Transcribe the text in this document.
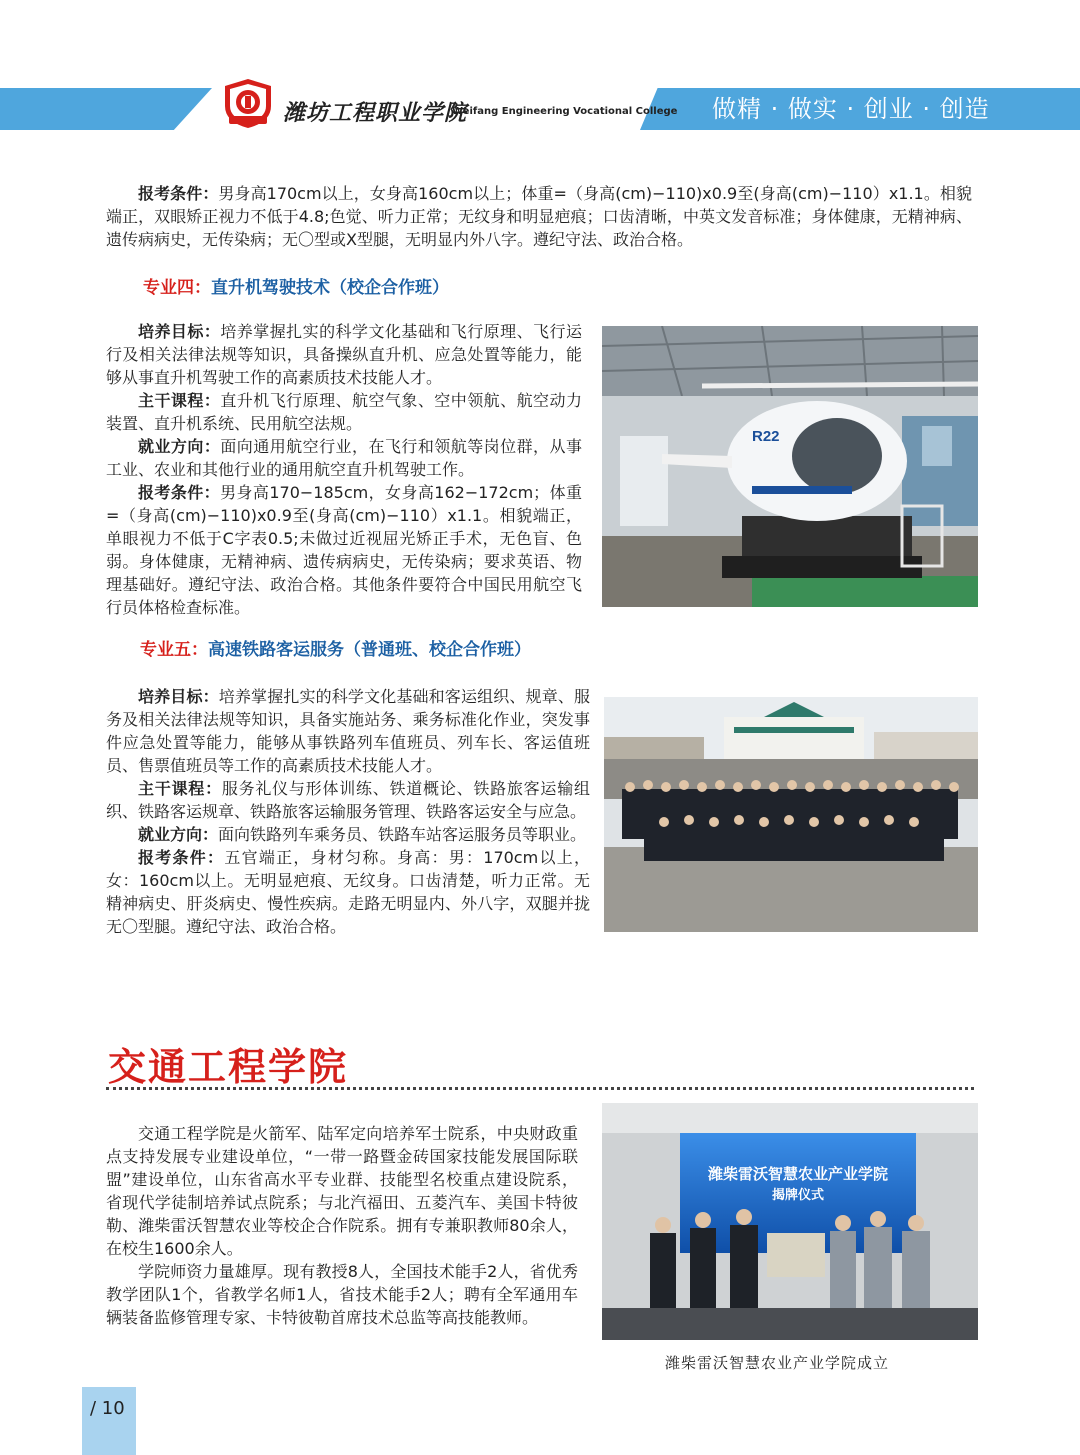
做精 · 做实 · 创业 · 创造
潍坊工程职业学院
Weifang Engineering Vocational College
报考条件：男身高170cm以上，女身高160cm以上；体重=（身高(cm)−110)x0.9至(身高(cm)−110）x1.1。相貌端正，双眼矫正视力不低于4.8;色觉、听力正常；无纹身和明显疤痕；口齿清晰，中英文发音标准；身体健康，无精神病、遗传病病史，无传染病；无〇型或X型腿，无明显内外八字。遵纪守法、政治合格。
专业四：直升机驾驶技术（校企合作班）
培养目标：培养掌握扎实的科学文化基础和飞行原理、飞行运行及相关法律法规等知识，具备操纵直升机、应急处置等能力，能够从事直升机驾驶工作的高素质技术技能人才。
主干课程：直升机飞行原理、航空气象、空中领航、航空动力装置、直升机系统、民用航空法规。
就业方向：面向通用航空行业，在飞行和领航等岗位群，从事工业、农业和其他行业的通用航空直升机驾驶工作。
报考条件：男身高170−185cm，女身高162−172cm；体重=（身高(cm)−110)x0.9至(身高(cm)−110）x1.1。相貌端正，单眼视力不低于C字表0.5;未做过近视屈光矫正手术，无色盲、色弱。身体健康，无精神病、遗传病病史，无传染病；要求英语、物理基础好。遵纪守法、政治合格。其他条件要符合中国民用航空飞行员体格检查标准。
R22
专业五：高速铁路客运服务（普通班、校企合作班）
培养目标：培养掌握扎实的科学文化基础和客运组织、规章、服务及相关法律法规等知识，具备实施站务、乘务标准化作业，突发事件应急处置等能力，能够从事铁路列车值班员、列车长、客运值班员、售票值班员等工作的高素质技术技能人才。
主干课程：服务礼仪与形体训练、铁道概论、铁路旅客运输组织、铁路客运规章、铁路旅客运输服务管理、铁路客运安全与应急。
就业方向：面向铁路列车乘务员、铁路车站客运服务员等职业。
报考条件：五官端正，身材匀称。身高：男：170cm以上，女：160cm以上。无明显疤痕、无纹身。口齿清楚，听力正常。无精神病史、肝炎病史、慢性疾病。走路无明显内、外八字，双腿并拢无〇型腿。遵纪守法、政治合格。
交通工程学院
交通工程学院是火箭军、陆军定向培养军士院系，中央财政重点支持发展专业建设单位，“一带一路暨金砖国家技能发展国际联盟”建设单位，山东省高水平专业群、技能型名校重点建设院系，省现代学徒制培养试点院系；与北汽福田、五菱汽车、美国卡特彼勒、潍柴雷沃智慧农业等校企合作院系。拥有专兼职教师80余人，在校生1600余人。
学院师资力量雄厚。现有教授8人，全国技术能手2人，省优秀教学团队1个，省教学名师1人，省技术能手2人；聘有全军通用车辆装备监修管理专家、卡特彼勒首席技术总监等高技能教师。
潍柴雷沃智慧农业产业学院
揭牌仪式
潍柴雷沃智慧农业产业学院成立
/ 10
